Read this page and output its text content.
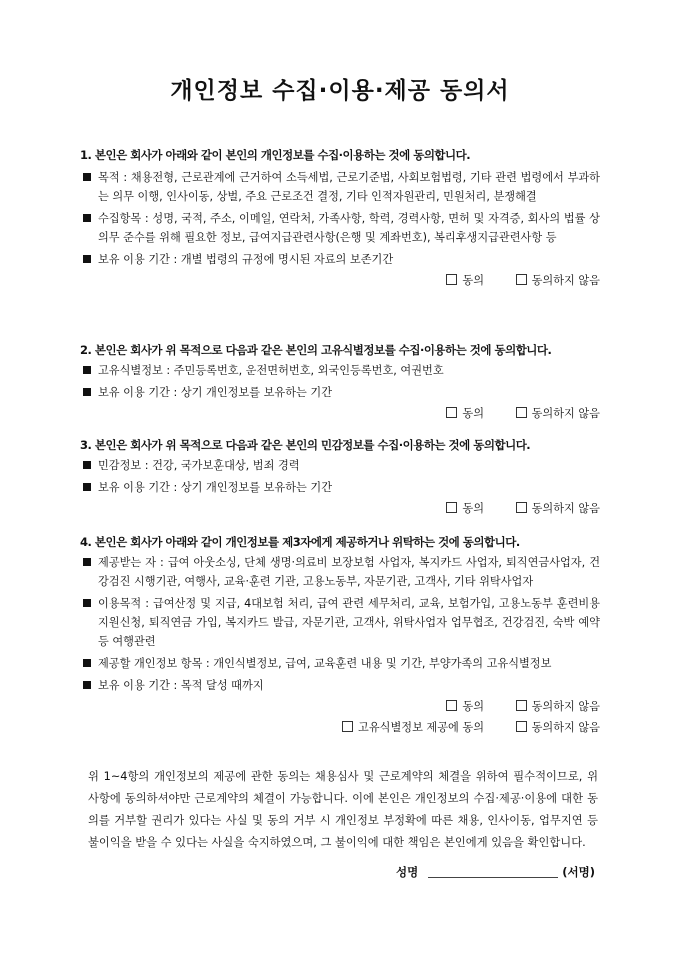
개인정보 수집·이용·제공 동의서
1. 본인은 회사가 아래와 같이 본인의 개인정보를 수집·이용하는 것에 동의합니다.
목적 : 채용전형, 근로관계에 근거하여 소득세법, 근로기준법, 사회보험법령, 기타 관련 법령에서 부과하는 의무 이행, 인사이동, 상벌, 주요 근로조건 결정, 기타 인적자원관리, 민원처리, 분쟁해결
수집항목 : 성명, 국적, 주소, 이메일, 연락처, 가족사항, 학력, 경력사항, 면허 및 자격증, 회사의 법률 상 의무 준수를 위해 필요한 정보, 급여지급관련사항(은행 및 계좌번호), 복리후생지급관련사항 등
보유 이용 기간 : 개별 법령의 규정에 명시된 자료의 보존기간
동의	동의하지 않음
2. 본인은 회사가 위 목적으로 다음과 같은 본인의 고유식별정보를 수집·이용하는 것에 동의합니다.
고유식별정보 : 주민등록번호, 운전면허번호, 외국인등록번호, 여권번호
보유 이용 기간 : 상기 개인정보를 보유하는 기간
동의	동의하지 않음
3. 본인은 회사가 위 목적으로 다음과 같은 본인의 민감정보를 수집·이용하는 것에 동의합니다.
민감정보 : 건강, 국가보훈대상, 범죄 경력
보유 이용 기간 : 상기 개인정보를 보유하는 기간
동의	동의하지 않음
4. 본인은 회사가 아래와 같이 개인정보를 제3자에게 제공하거나 위탁하는 것에 동의합니다.
제공받는 자 : 급여 아웃소싱, 단체 생명·의료비 보장보험 사업자, 복지카드 사업자, 퇴직연금사업자, 건강검진 시행기관, 여행사, 교육·훈련 기관, 고용노동부, 자문기관, 고객사, 기타 위탁사업자
이용목적 : 급여산정 및 지급, 4대보험 처리, 급여 관련 세무처리, 교육, 보험가입, 고용노동부 훈련비용 지원신청, 퇴직연금 가입, 복지카드 발급, 자문기관, 고객사, 위탁사업자 업무협조, 건강검진, 숙박 예약 등 여행관련
제공할 개인정보 항목 : 개인식별정보, 급여, 교육훈련 내용 및 기간, 부양가족의 고유식별정보
보유 이용 기간 : 목적 달성 때까지
동의	동의하지 않음
고유식별정보 제공에 동의	동의하지 않음
위 1~4항의 개인정보의 제공에 관한 동의는 채용심사 및 근로계약의 체결을 위하여 필수적이므로, 위 사항에 동의하셔야만 근로계약의 체결이 가능합니다. 이에 본인은 개인정보의 수집·제공·이용에 대한 동의를 거부할 권리가 있다는 사실 및 동의 거부 시 개인정보 부정확에 따른 채용, 인사이동, 업무지연 등 불이익을 받을 수 있다는 사실을 숙지하였으며, 그 불이익에 대한 책임은 본인에게 있음을 확인합니다.
성명	(서명)
